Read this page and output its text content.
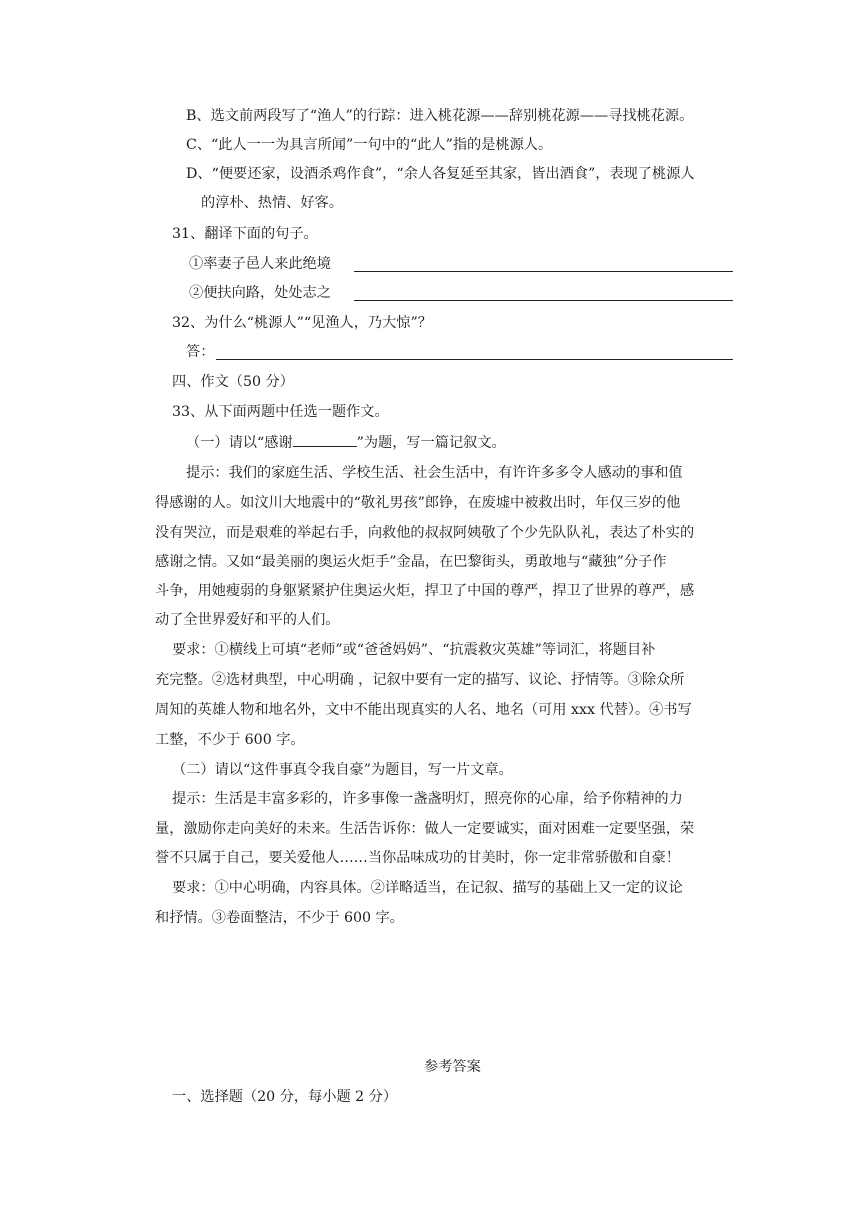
B、选文前两段写了“渔人”的行踪：进入桃花源——辞别桃花源——寻找桃花源。
C、“此人一一为具言所闻”一句中的“此人”指的是桃源人。
D、“便要还家，设酒杀鸡作食”，“余人各复延至其家，皆出酒食”，表现了桃源人
的淳朴、热情、好客。
31、翻译下面的句子。
①率妻子邑人来此绝境
②便扶向路，处处志之
32、为什么“桃源人”“见渔人，乃大惊”？
答：
四、作文（50 分）
33、从下面两题中任选一题作文。
（一）请以“感谢	”为题，写一篇记叙文。
提示：我们的家庭生活、学校生活、社会生活中，有许许多多令人感动的事和值
得感谢的人。如汶川大地震中的“敬礼男孩”郎铮，在废墟中被救出时，年仅三岁的他
没有哭泣，而是艰难的举起右手，向救他的叔叔阿姨敬了个少先队队礼，表达了朴实的
感谢之情。又如“最美丽的奥运火炬手”金晶，在巴黎街头，勇敢地与“藏独”分子作
斗争，用她瘦弱的身躯紧紧护住奥运火炬，捍卫了中国的尊严，捍卫了世界的尊严，感
动了全世界爱好和平的人们。
要求：①横线上可填“老师”或“爸爸妈妈”、“抗震救灾英雄”等词汇，将题目补
充完整。②选材典型，中心明确 ，记叙中要有一定的描写、议论、抒情等。③除众所
周知的英雄人物和地名外，文中不能出现真实的人名、地名（可用 xxx 代替）。④书写
工整，不少于 600 字。
（二）请以“这件事真令我自豪”为题目，写一片文章。
提示：生活是丰富多彩的，许多事像一盏盏明灯，照亮你的心扉，给予你精神的力
量，激励你走向美好的未来。生活告诉你：做人一定要诚实，面对困难一定要坚强，荣
誉不只属于自己，要关爱他人……当你品味成功的甘美时，你一定非常骄傲和自豪！
要求：①中心明确，内容具体。②详略适当，在记叙、描写的基础上又一定的议论
和抒情。③卷面整洁，不少于 600 字。
参考答案
一、选择题（20 分，每小题 2 分）
